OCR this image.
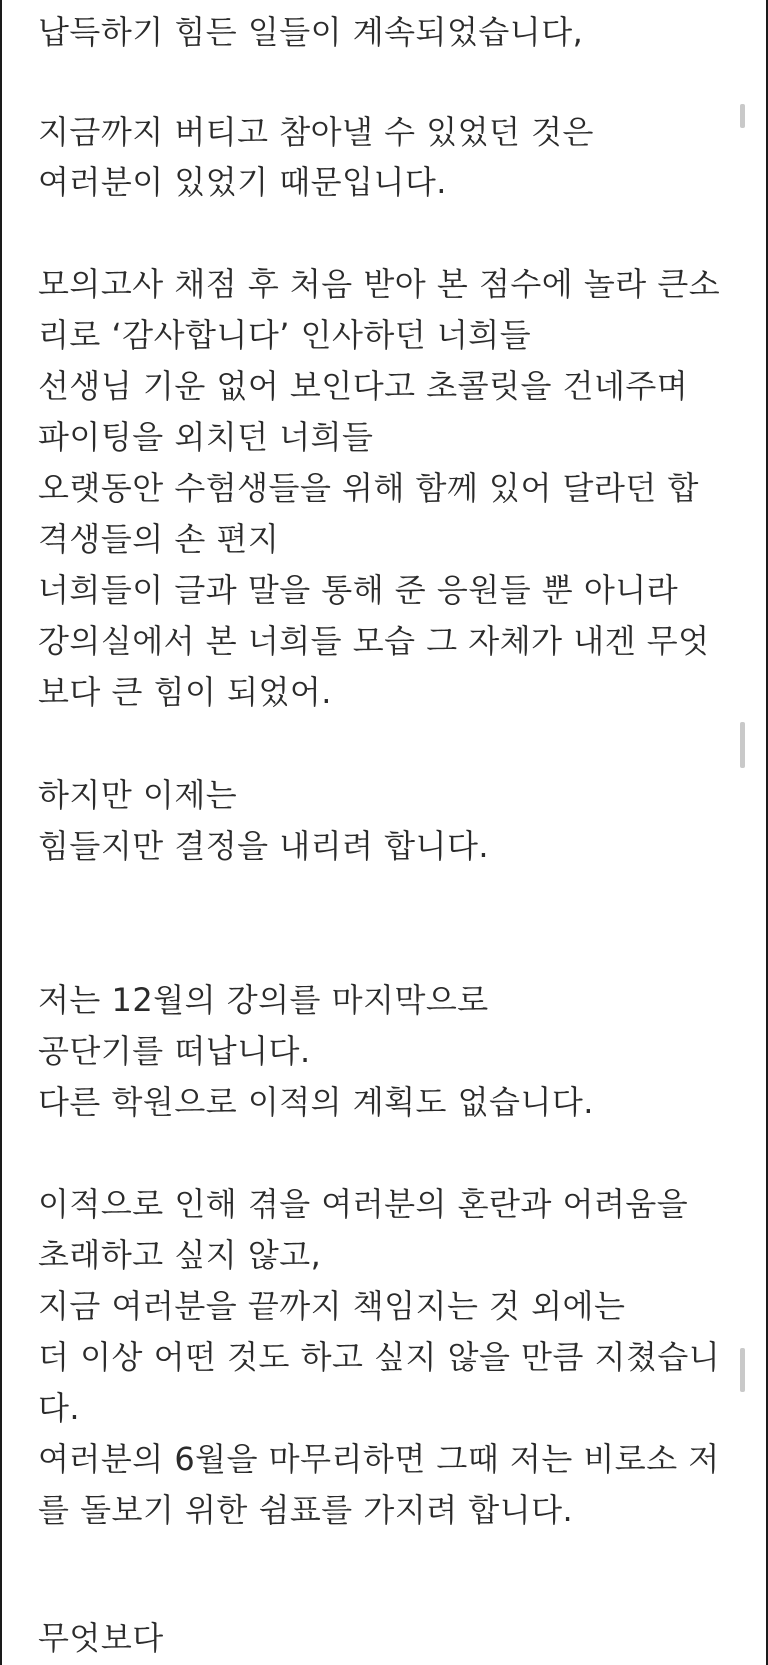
납득하기 힘든 일들이 계속되었습니다,
지금까지 버티고 참아낼 수 있었던 것은
여러분이 있었기 때문입니다.
모의고사 채점 후 처음 받아 본 점수에 놀라 큰소
리로 ‘감사합니다’ 인사하던 너희들
선생님 기운 없어 보인다고 초콜릿을 건네주며
파이팅을 외치던 너희들
오랫동안 수험생들을 위해 함께 있어 달라던 합
격생들의 손 편지
너희들이 글과 말을 통해 준 응원들 뿐 아니라
강의실에서 본 너희들 모습 그 자체가 내겐 무엇
보다 큰 힘이 되었어.
하지만 이제는
힘들지만 결정을 내리려 합니다.
저는 12월의 강의를 마지막으로
공단기를 떠납니다.
다른 학원으로 이적의 계획도 없습니다.
이적으로 인해 겪을 여러분의 혼란과 어려움을
초래하고 싶지 않고,
지금 여러분을 끝까지 책임지는 것 외에는
더 이상 어떤 것도 하고 싶지 않을 만큼 지쳤습니
다.
여러분의 6월을 마무리하면 그때 저는 비로소 저
를 돌보기 위한 쉼표를 가지려 합니다.
무엇보다
